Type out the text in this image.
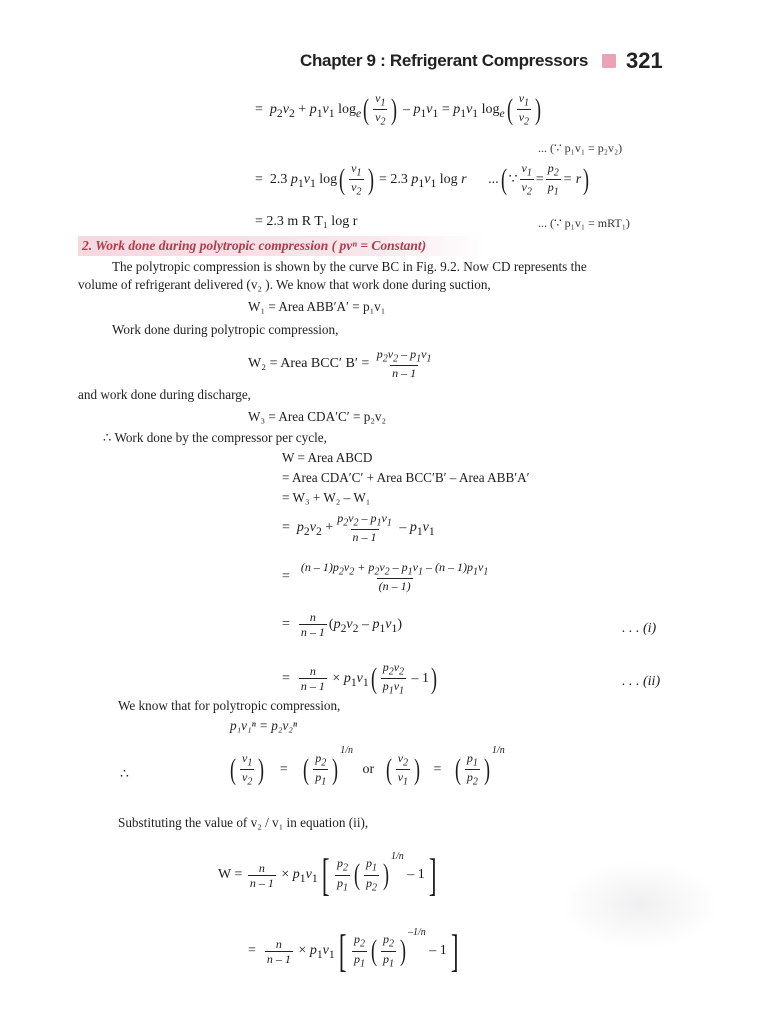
Chapter 9 : Refrigerant Compressors 321
=  $p_2v_2 + p_1v_1$ $\log_e( \frac{v_1}{v_2}$ ) – $p_1v_1 = p_1v_1$ $\log_e( \frac{v_1}{v_2}$ )
... (∵ p₁v₁ = p₂v₂)
=  2.3 $p_1v_1$ $\log( \frac{v_1}{v_2}$ ) = 2.3 $p_1v_1$ log r ...( ∵ $\frac{v_1}{v_2} = \frac{p_2}{p_1} = r$)
= 2.3 m R T₁ log r	... (∵ p₁v₁ = mRT₁)
2. Work done during polytropic compression ( pvⁿ = Constant)
The polytropic compression is shown by the curve BC in Fig. 9.2. Now CD represents the
volume of refrigerant delivered (v₂ ). We know that work done during suction,
W₁ = Area ABB′A′ = p₁v₁
Work done during polytropic compression,
W₂ = Area BCC′ $B' = \frac{p_2v_2 - p_1v_1}{n - 1}$
and work done during discharge,
W₃ = Area CDA′C′ = p₂v₂
∴ Work done by the compressor per cycle,
W = Area ABCD
= Area CDA′C′ + Area BCC′B′ – Area ABB′A′
= W₃ + W₂ – W₁
=  $p_2v_2 + \frac{p_2v_2 - p_1v_1}{n - 1} - p_1v_1$
= $\frac{(n - 1)p_2v_2 + p_2v_2 - p_1v_1 - (n - 1)p_1v_1}{(n - 1)}$
= $\frac{n}{n - 1} (p_2v_2 - p_1v_1)$	. . . (i)
= $\frac{n}{n - 1} \times p_1v_1( \frac{p_2v_2}{p_1v_1} - 1)$	. . . (ii)
We know that for polytropic compression,
p₁v₁ⁿ = p₂v₂ⁿ
∴	( $\frac{v_1}{v_2}$ ) = ( $\frac{p_2}{p_1} )^{1/n}$ or ( $\frac{v_2}{v_1}$ ) = ( $\frac{p_1}{p_2} )^{1/n}$
Substituting the value of v₂ / v₁ in equation (ii),
$W = \frac{n}{n - 1} \times p_1v_1[ \frac{p_2}{p_1}$ ( $\frac{p_1}{p_2} )^{1/n} - 1$]
= $\frac{n}{n - 1} \times p_1v_1[ \frac{p_2}{p_1}$ ( $\frac{p_2}{p_1} )^{-1/n} - 1$]
